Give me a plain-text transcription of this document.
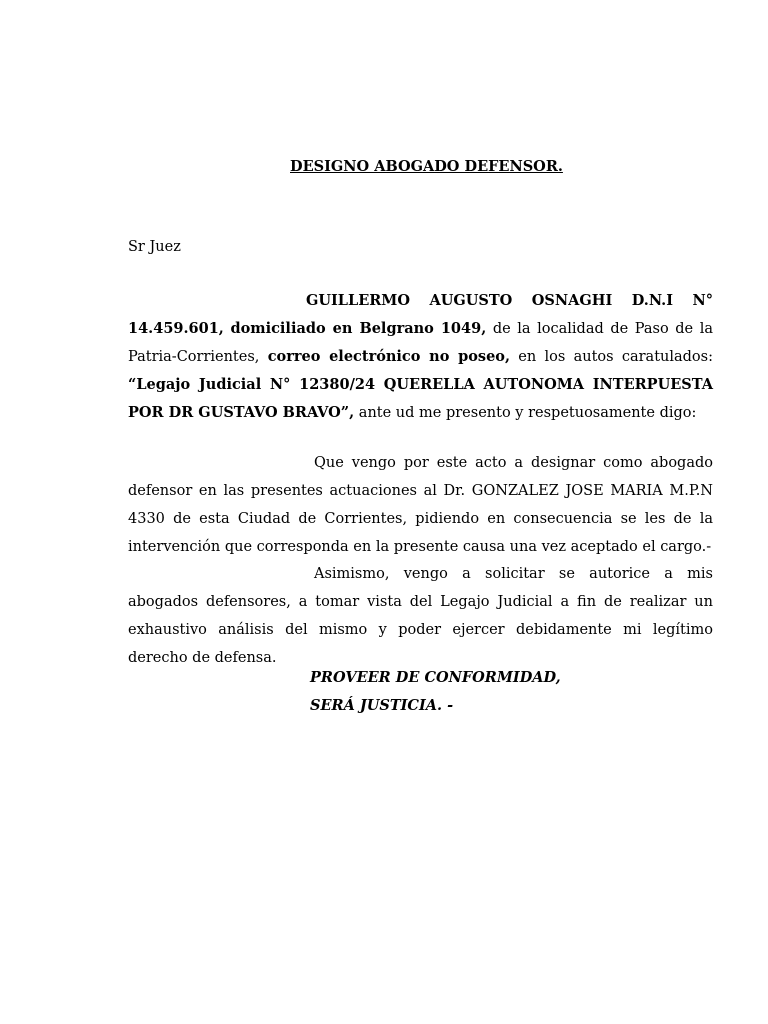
DESIGNO ABOGADO DEFENSOR.
Sr Juez

GUILLERMO AUGUSTO OSNAGHI D.N.I N° 14.459.601, domiciliado en Belgrano 1049, de la localidad de Paso de la Patria-Corrientes, correo electrónico no poseo, en los autos caratulados: “Legajo Judicial N° 12380/24 QUERELLA AUTONOMA INTERPUESTA POR DR GUSTAVO BRAVO”, ante ud me presento y respetuosamente digo:

Que vengo por este acto a designar como abogado defensor en las presentes actuaciones al Dr. GONZALEZ JOSE MARIA M.P.N 4330 de esta Ciudad de Corrientes, pidiendo en consecuencia se les de la intervención que corresponda en la presente causa una vez aceptado el cargo.-

Asimismo, vengo a solicitar se autorice a mis abogados defensores, a tomar vista del Legajo Judicial a fin de realizar un exhaustivo análisis del mismo y poder ejercer debidamente mi legítimo derecho de defensa.

PROVEER DE CONFORMIDAD,
SERÁ JUSTICIA. -
